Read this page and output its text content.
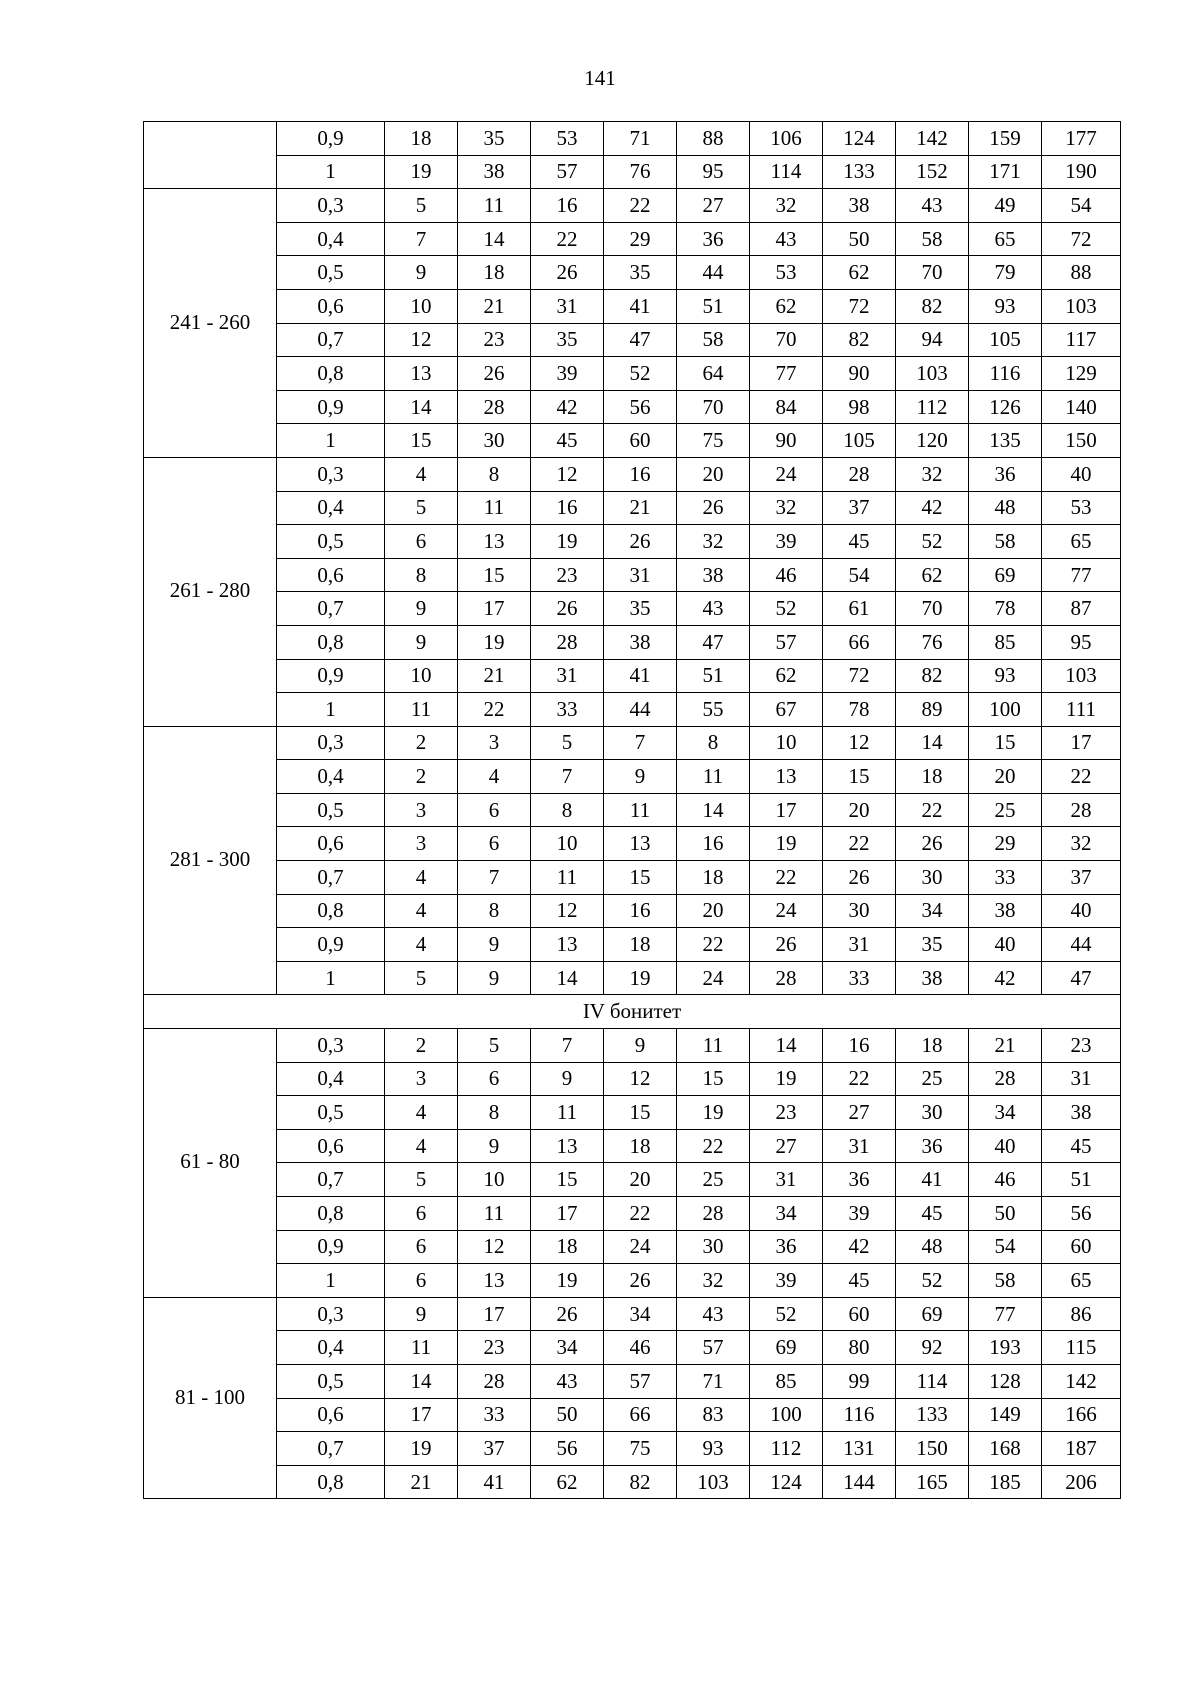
141
	0,9	18	35	53	71	88	106	124	142	159	177
	1	19	38	57	76	95	114	133	152	171	190
241 - 260	0,3	5	11	16	22	27	32	38	43	49	54
	0,4	7	14	22	29	36	43	50	58	65	72
	0,5	9	18	26	35	44	53	62	70	79	88
	0,6	10	21	31	41	51	62	72	82	93	103
	0,7	12	23	35	47	58	70	82	94	105	117
	0,8	13	26	39	52	64	77	90	103	116	129
	0,9	14	28	42	56	70	84	98	112	126	140
	1	15	30	45	60	75	90	105	120	135	150
261 - 280	0,3	4	8	12	16	20	24	28	32	36	40
	0,4	5	11	16	21	26	32	37	42	48	53
	0,5	6	13	19	26	32	39	45	52	58	65
	0,6	8	15	23	31	38	46	54	62	69	77
	0,7	9	17	26	35	43	52	61	70	78	87
	0,8	9	19	28	38	47	57	66	76	85	95
	0,9	10	21	31	41	51	62	72	82	93	103
	1	11	22	33	44	55	67	78	89	100	111
281 - 300	0,3	2	3	5	7	8	10	12	14	15	17
	0,4	2	4	7	9	11	13	15	18	20	22
	0,5	3	6	8	11	14	17	20	22	25	28
	0,6	3	6	10	13	16	19	22	26	29	32
	0,7	4	7	11	15	18	22	26	30	33	37
	0,8	4	8	12	16	20	24	30	34	38	40
	0,9	4	9	13	18	22	26	31	35	40	44
	1	5	9	14	19	24	28	33	38	42	47
IV бонитет											
61 - 80	0,3	2	5	7	9	11	14	16	18	21	23
	0,4	3	6	9	12	15	19	22	25	28	31
	0,5	4	8	11	15	19	23	27	30	34	38
	0,6	4	9	13	18	22	27	31	36	40	45
	0,7	5	10	15	20	25	31	36	41	46	51
	0,8	6	11	17	22	28	34	39	45	50	56
	0,9	6	12	18	24	30	36	42	48	54	60
	1	6	13	19	26	32	39	45	52	58	65
81 - 100	0,3	9	17	26	34	43	52	60	69	77	86
	0,4	11	23	34	46	57	69	80	92	193	115
	0,5	14	28	43	57	71	85	99	114	128	142
	0,6	17	33	50	66	83	100	116	133	149	166
	0,7	19	37	56	75	93	112	131	150	168	187
	0,8	21	41	62	82	103	124	144	165	185	206
